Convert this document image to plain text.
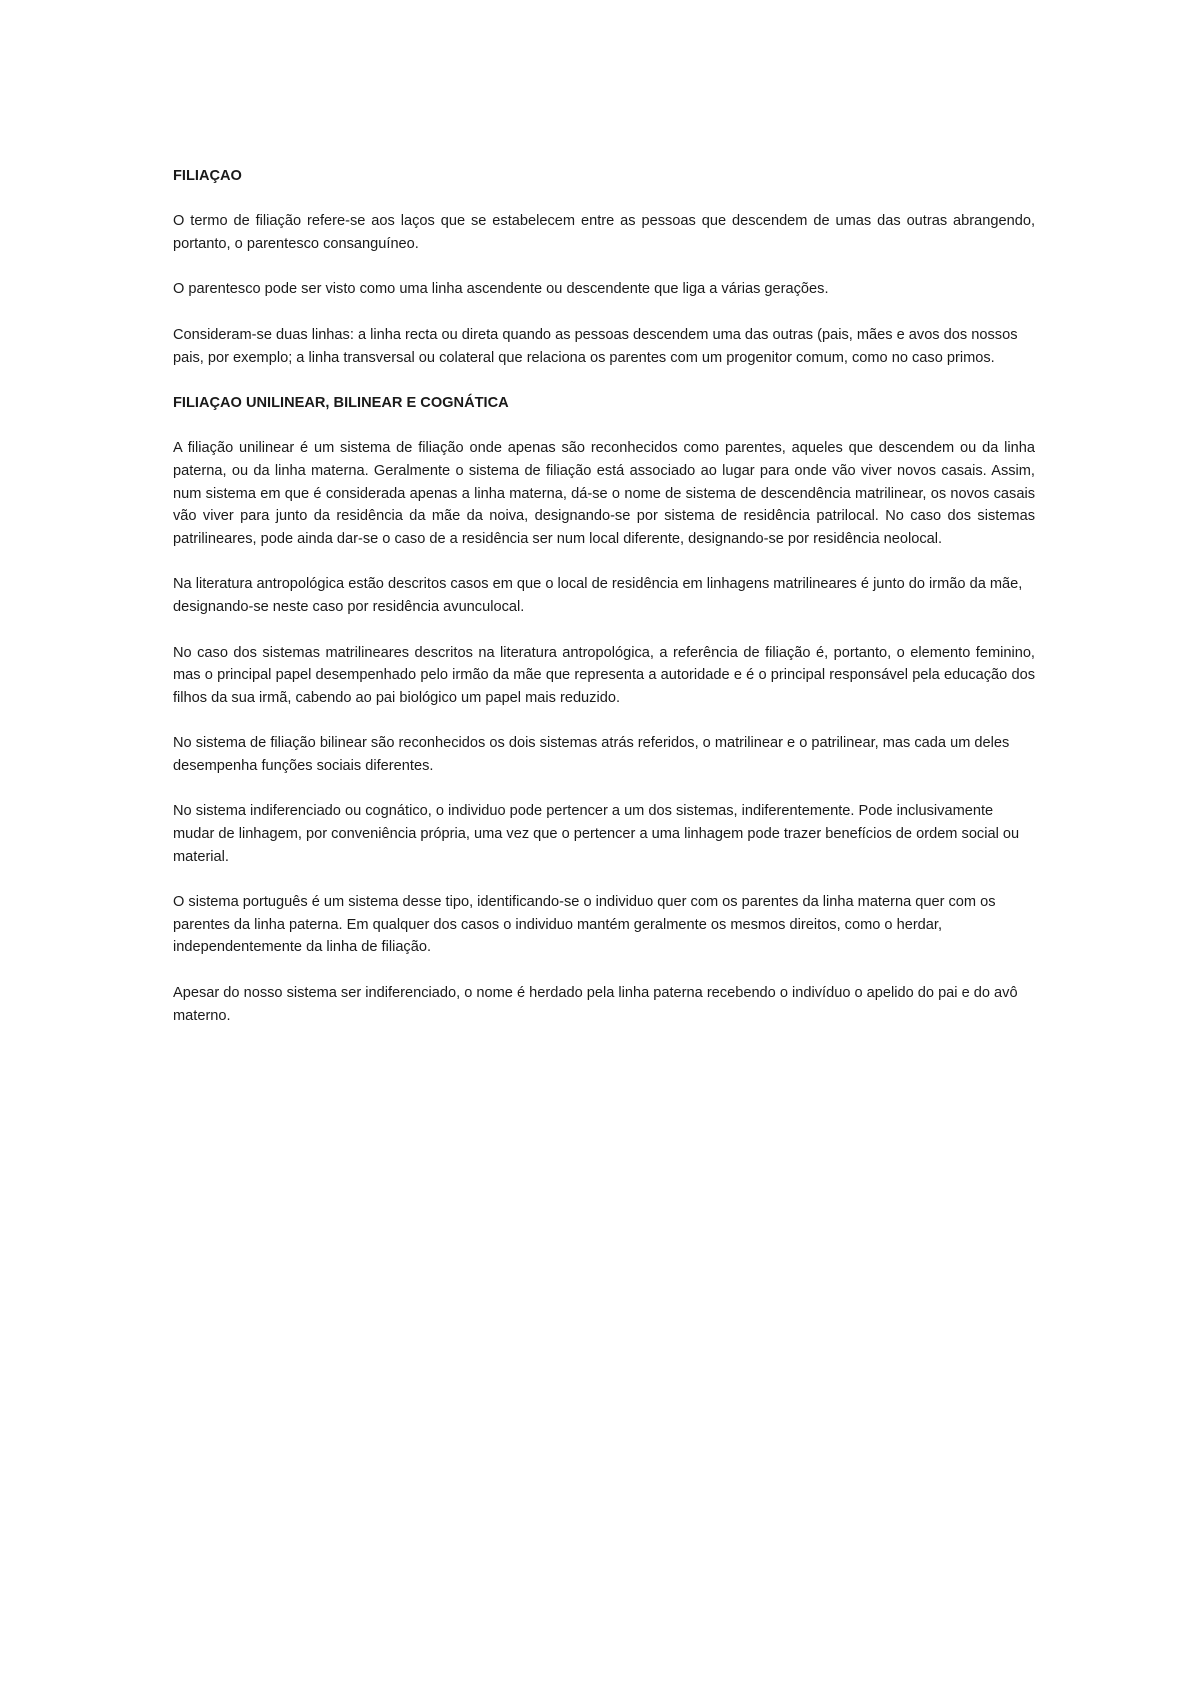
FILIAÇAO

O termo de filiação refere-se aos laços que se estabelecem entre as pessoas que descendem de umas das outras abrangendo, portanto, o parentesco consanguíneo.

O parentesco pode ser visto como uma linha ascendente ou descendente que liga a várias gerações.

Consideram-se duas linhas: a linha recta ou direta quando as pessoas descendem uma das outras (pais, mães e avos dos nossos pais, por exemplo; a linha transversal ou colateral que relaciona os parentes com um progenitor comum, como no caso primos.

FILIAÇAO UNILINEAR, BILINEAR E COGNÁTICA

A filiação unilinear é um sistema de filiação onde apenas são reconhecidos como parentes, aqueles que descendem ou da linha paterna, ou da linha materna. Geralmente o sistema de filiação está associado ao lugar para onde vão viver novos casais. Assim, num sistema em que é considerada apenas a linha materna, dá-se o nome de sistema de descendência matrilinear, os novos casais vão viver para junto da residência da mãe da noiva, designando-se por sistema de residência patrilocal. No caso dos sistemas patrilineares, pode ainda dar-se o caso de a residência ser num local diferente, designando-se por residência neolocal.

Na literatura antropológica estão descritos casos em que o local de residência em linhagens matrilineares é junto do irmão da mãe, designando-se neste caso por residência avunculocal.

No caso dos sistemas matrilineares descritos na literatura antropológica, a referência de filiação é, portanto, o elemento feminino, mas o principal papel desempenhado pelo irmão da mãe que representa a autoridade e é o principal responsável pela educação dos filhos da sua irmã, cabendo ao pai biológico um papel mais reduzido.

No sistema de filiação bilinear são reconhecidos os dois sistemas atrás referidos, o matrilinear e o patrilinear, mas cada um deles desempenha funções sociais diferentes.

No sistema indiferenciado ou cognático, o individuo pode pertencer a um dos sistemas, indiferentemente. Pode inclusivamente mudar de linhagem, por conveniência própria, uma vez que o pertencer a uma linhagem pode trazer benefícios de ordem social ou material.

O sistema português é um sistema desse tipo, identificando-se o individuo quer com os parentes da linha materna quer com os parentes da linha paterna. Em qualquer dos casos o individuo mantém geralmente os mesmos direitos, como o herdar, independentemente da linha de filiação.

Apesar do nosso sistema ser indiferenciado, o nome é herdado pela linha paterna recebendo o indivíduo o apelido do pai e do avô materno.
